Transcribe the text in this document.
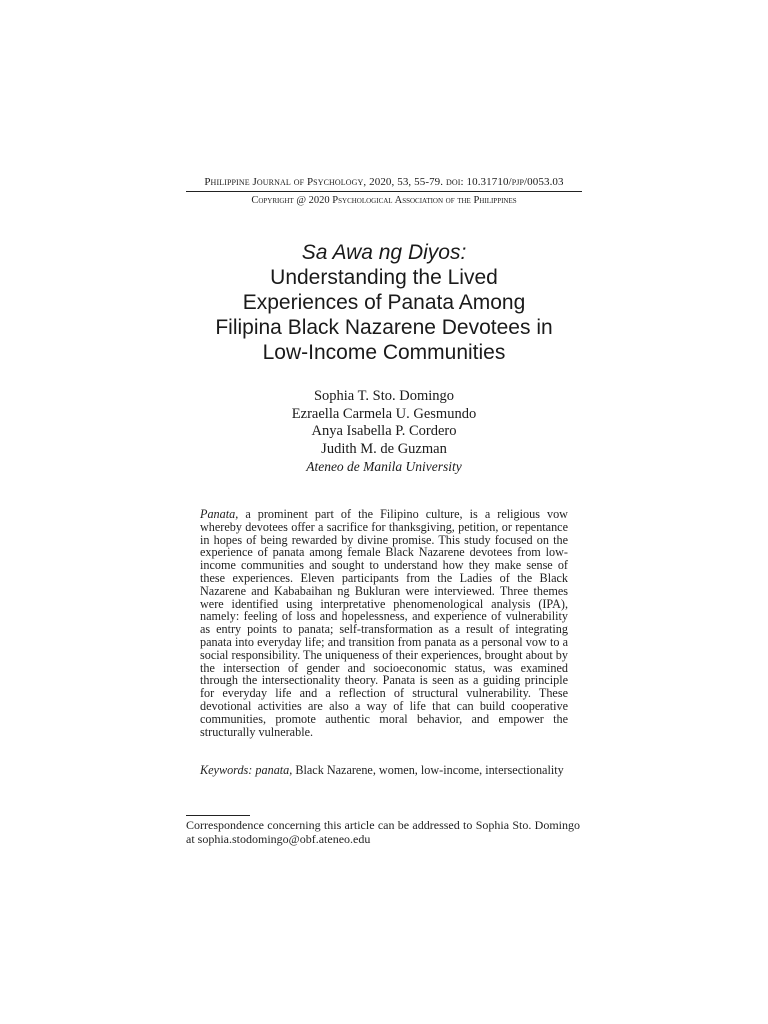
Philippine Journal of Psychology, 2020, 53, 55-79. doi: 10.31710/pjp/0053.03
Copyright @ 2020 Psychological Association of the Philippines
Sa Awa ng Diyos:
Understanding the Lived
Experiences of Panata Among
Filipina Black Nazarene Devotees in
Low-Income Communities
Sophia T. Sto. Domingo
Ezraella Carmela U. Gesmundo
Anya Isabella P. Cordero
Judith M. de Guzman
Ateneo de Manila University

Panata, a prominent part of the Filipino culture, is a religious vow whereby devotees offer a sacrifice for thanksgiving, petition, or repentance in hopes of being rewarded by divine promise. This study focused on the experience of panata among female Black Nazarene devotees from low-income communities and sought to understand how they make sense of these experiences. Eleven participants from the Ladies of the Black Nazarene and Kababaihan ng Bukluran were interviewed. Three themes were identified using interpretative phenomenological analysis (IPA), namely: feeling of loss and hopelessness, and experience of vulnerability as entry points to panata; self-transformation as a result of integrating panata into everyday life; and transition from panata as a personal vow to a social responsibility. The uniqueness of their experiences, brought about by the intersection of gender and socioeconomic status, was examined through the intersectionality theory. Panata is seen as a guiding principle for everyday life and a reflection of structural vulnerability. These devotional activities are also a way of life that can build cooperative communities, promote authentic moral behavior, and empower the structurally vulnerable.

Keywords: panata, Black Nazarene, women, low-income, intersectionality

Correspondence concerning this article can be addressed to Sophia Sto. Domingo at sophia.stodomingo@obf.ateneo.edu
